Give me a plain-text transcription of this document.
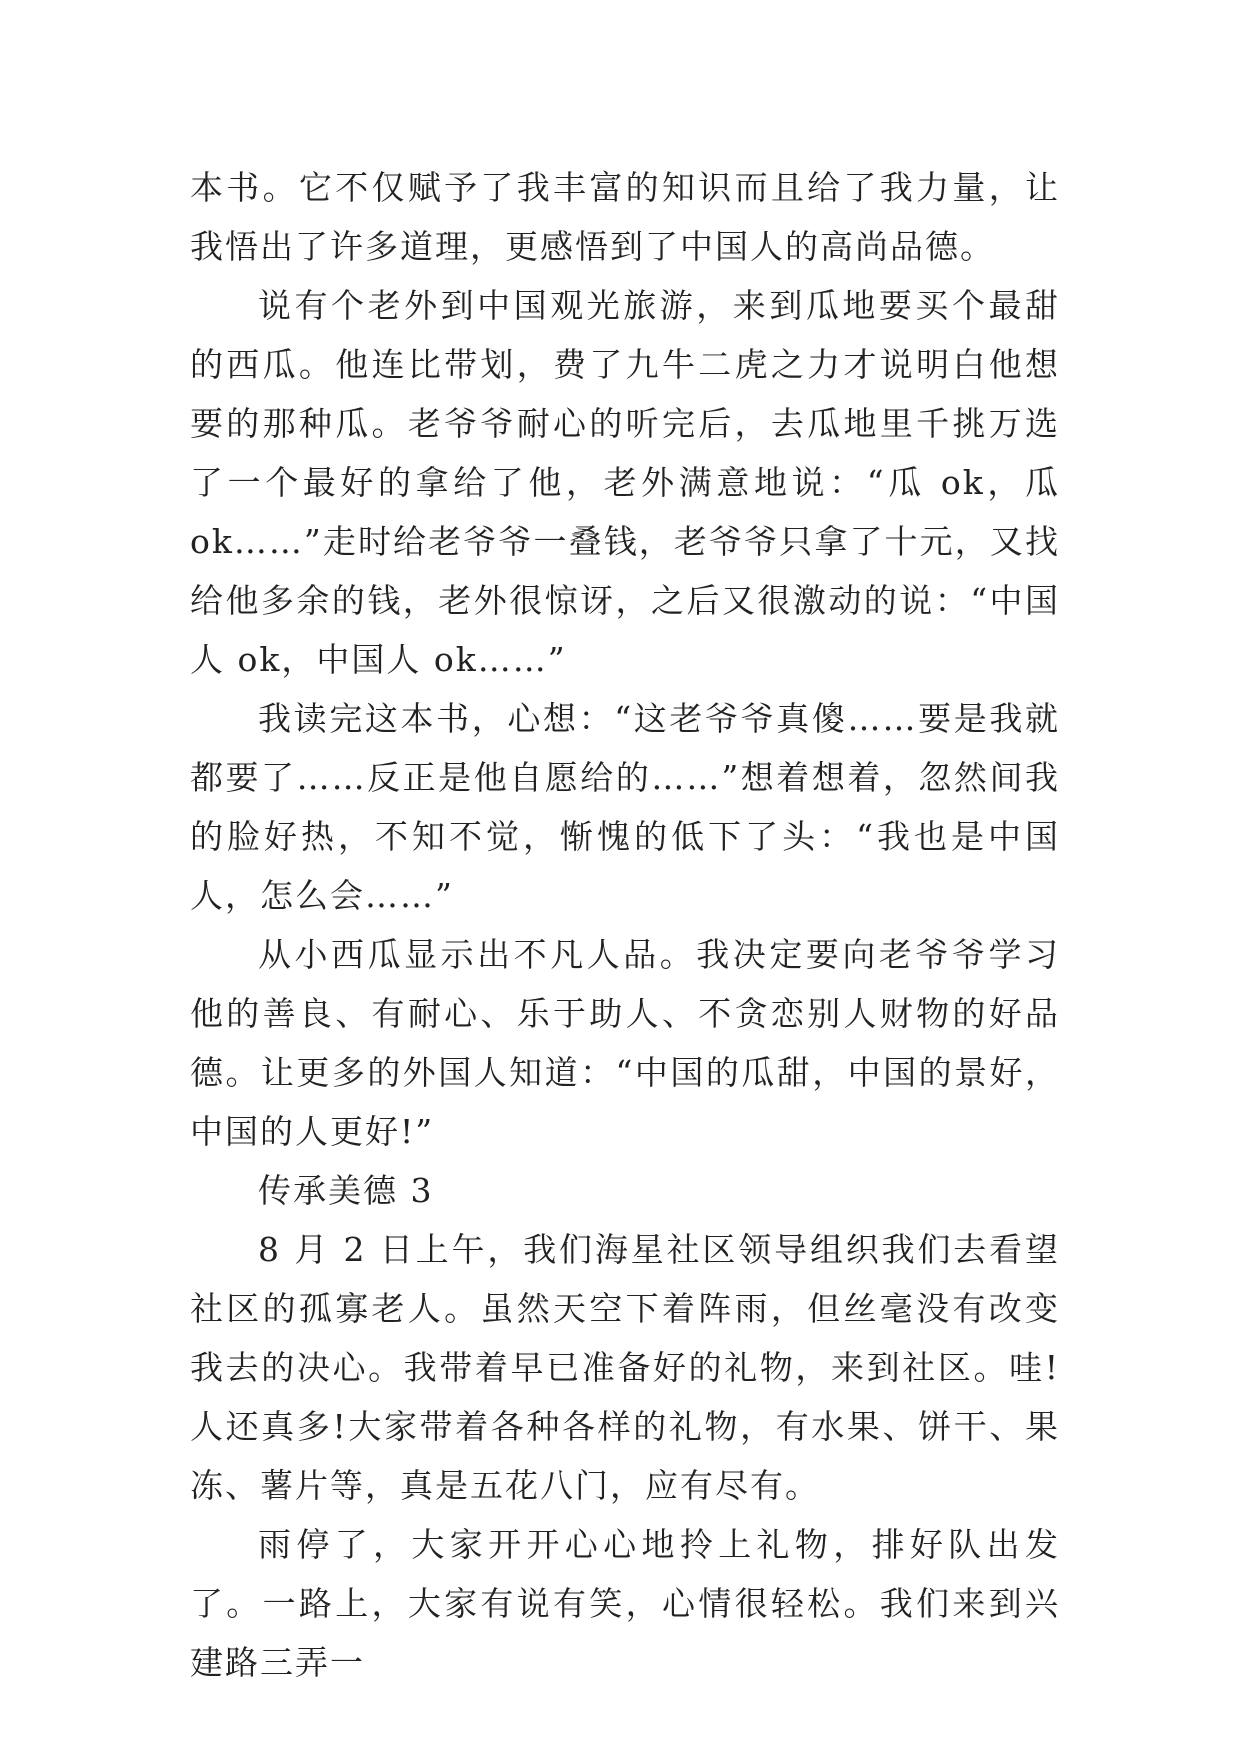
本书。它不仅赋予了我丰富的知识而且给了我力量，让我悟出了许多道理，更感悟到了中国人的高尚品德。

说有个老外到中国观光旅游，来到瓜地要买个最甜的西瓜。他连比带划，费了九牛二虎之力才说明白他想要的那种瓜。老爷爷耐心的听完后，去瓜地里千挑万选了一个最好的拿给了他，老外满意地说：“瓜 ok，瓜 ok……”走时给老爷爷一叠钱，老爷爷只拿了十元，又找给他多余的钱，老外很惊讶，之后又很激动的说：“中国人 ok，中国人 ok……”

我读完这本书，心想：“这老爷爷真傻……要是我就都要了……反正是他自愿给的……”想着想着，忽然间我的脸好热，不知不觉，惭愧的低下了头：“我也是中国人，怎么会……”

从小西瓜显示出不凡人品。我决定要向老爷爷学习他的善良、有耐心、乐于助人、不贪恋别人财物的好品德。让更多的外国人知道：“中国的瓜甜，中国的景好，中国的人更好!”

传承美德 3

8 月 2 日上午，我们海星社区领导组织我们去看望社区的孤寡老人。虽然天空下着阵雨，但丝毫没有改变我去的决心。我带着早已准备好的礼物，来到社区。哇!人还真多!大家带着各种各样的礼物，有水果、饼干、果冻、薯片等，真是五花八门，应有尽有。

雨停了，大家开开心心地拎上礼物，排好队出发了。一路上，大家有说有笑，心情很轻松。我们来到兴建路三弄一
